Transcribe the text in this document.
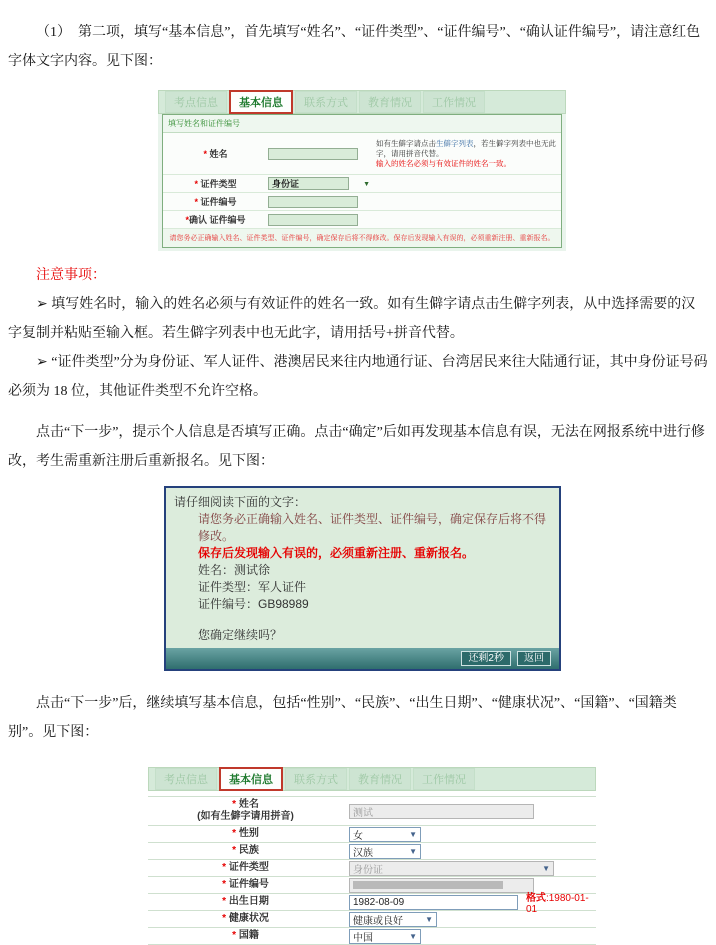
（1）　第二项，填写“基本信息”，首先填写“姓名”、“证件类型”、“证件编号”、“确认证件编号”，请注意红色字体文字内容。见下图：

考点信息	基本信息	联系方式	教育情况	工作情况
填写姓名和证件编号
* 姓名
如有生僻字请点击生僻字列表，若生僻字列表中也无此字，请用拼音代替。
输入的姓名必须与有效证件的姓名一致。
* 证件类型	身份证	▼
* 证件编号
*确认 证件编号
请您务必正确输入姓名、证件类型、证件编号，确定保存后将不得修改。保存后发现输入有误的，必须重新注册、重新报名。

注意事项：

➢ 填写姓名时，输入的姓名必须与有效证件的姓名一致。如有生僻字请点击生僻字列表，从中选择需要的汉字复制并粘贴至输入框。若生僻字列表中也无此字，请用括号+拼音代替。

➢ “证件类型”分为身份证、军人证件、港澳居民来往内地通行证、台湾居民来往大陆通行证，其中身份证号码必须为 18 位，其他证件类型不允许空格。

点击“下一步”，提示个人信息是否填写正确。点击“确定”后如再发现基本信息有误，无法在网报系统中进行修改，考生需重新注册后重新报名。见下图：

请仔细阅读下面的文字：
请您务必正确输入姓名、证件类型、证件编号，确定保存后将不得修改。
保存后发现输入有误的，必须重新注册、重新报名。
姓名：测试徐
证件类型：军人证件
证件编号：GB98989
您确定继续吗？
还剩2秒	返回

点击“下一步”后，继续填写基本信息，包括“性别”、“民族”、“出生日期”、“健康状况”、“国籍”、“国籍类别”。见下图：

考点信息	基本信息	联系方式	教育情况	工作情况
* 姓名
(如有生僻字请用拼音)	测试
* 性别	女	▼
* 民族	汉族	▼
* 证件类型	身份证	▼
* 证件编号
* 出生日期	1982-08-09	格式:1980-01-01
* 健康状况	健康或良好	▼
* 国籍	中国	▼
